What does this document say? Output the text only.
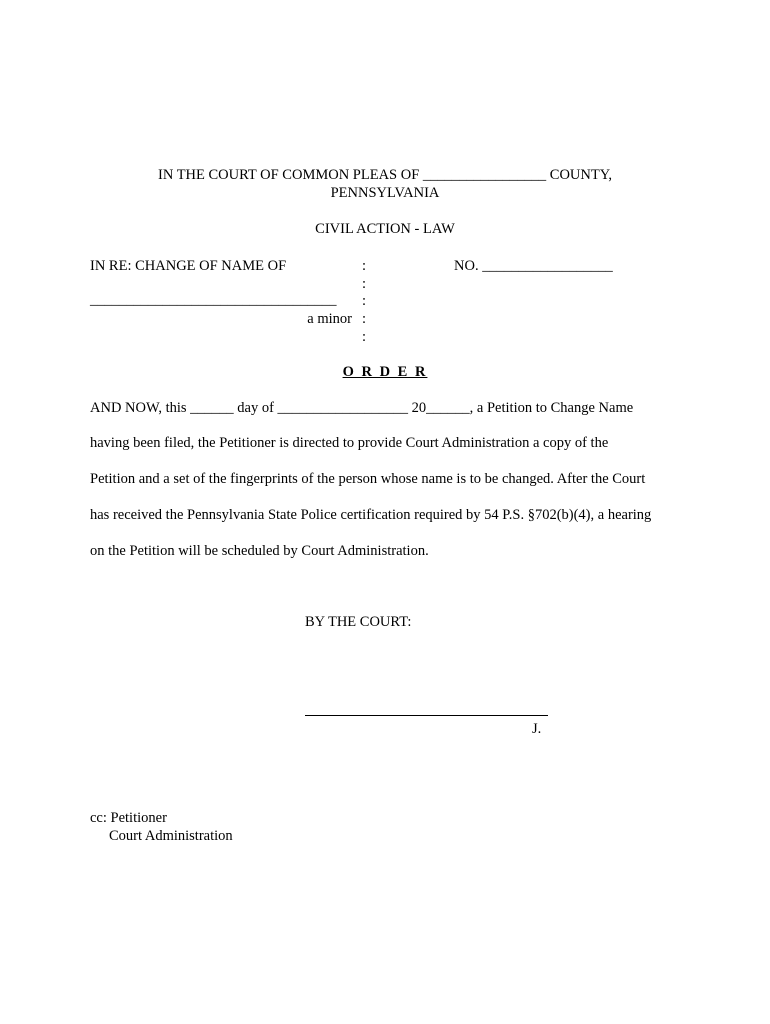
IN THE COURT OF COMMON PLEAS OF _________________ COUNTY,
PENNSYLVANIA
CIVIL ACTION - LAW
IN RE: CHANGE OF NAME OF	:	NO. __________________
:
__________________________________ :
a minor :
:
O R D E R
AND NOW, this ______ day of __________________ 20______, a Petition to Change Name
having been filed, the Petitioner is directed to provide Court Administration a copy of the
Petition and a set of the fingerprints of the person whose name is to be changed. After the Court
has received the Pennsylvania State Police certification required by 54 P.S. §702(b)(4), a hearing
on the Petition will be scheduled by Court Administration.
BY THE COURT:
J.
cc: Petitioner
Court Administration
